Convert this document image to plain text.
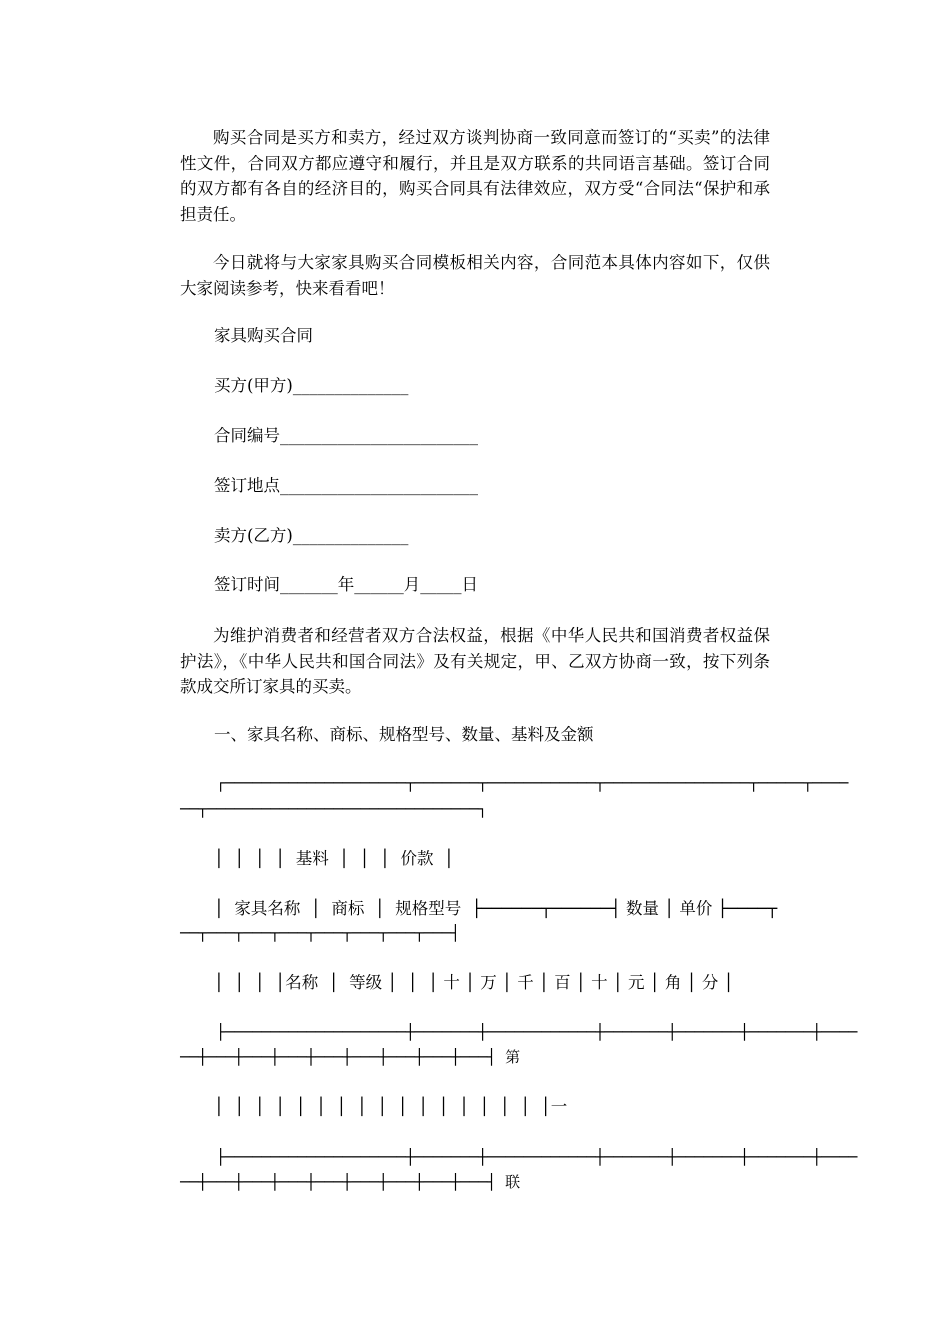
购买合同是买方和卖方，经过双方谈判协商一致同意而签订的“买卖”的法律性文件，合同双方都应遵守和履行，并且是双方联系的共同语言基础。签订合同的双方都有各自的经济目的，购买合同具有法律效应，双方受“合同法“保护和承担责任。

今日就将与大家家具购买合同模板相关内容，合同范本具体内容如下，仅供大家阅读参考，快来看看吧！

家具购买合同

买方(甲方)______________

合同编号________________________

签订地点________________________

卖方(乙方)______________

签订时间_______年______月_____日

为维护消费者和经营者双方合法权益，根据《中华人民共和国消费者权益保护法》，《中华人民共和国合同法》及有关规定，甲、乙双方协商一致，按下列条款成交所订家具的买卖。

一、家具名称、商标、规格型号、数量、基料及金额

┌────────────────────┬───────┬────────────┬────────────────┬─────┬────

──┬──────────────────────────────┐

│  │  │  │  基料  │  │  │  价款  │

│  家具名称  │  商标  │  规格型号  ├──────┬──────┤ 数量 │ 单价 ├────┬

──┬───┬───┬───┬───┬───┬───┬───┤

│  │  │  │名称  │  等级 │  │  │ 十 │ 万 │ 千 │ 百 │ 十 │ 元 │ 角 │ 分 │

├────────────────────┼───────┼────────────┼───────┼───────┼───────┼────

──┼───┼───┼───┼───┼───┼───┼───┼───┤ 第

│  │  │  │  │  │  │  │  │  │  │  │  │  │  │  │  │一

├────────────────────┼───────┼────────────┼───────┼───────┼───────┼────

──┼───┼───┼───┼───┼───┼───┼───┼───┤ 联
